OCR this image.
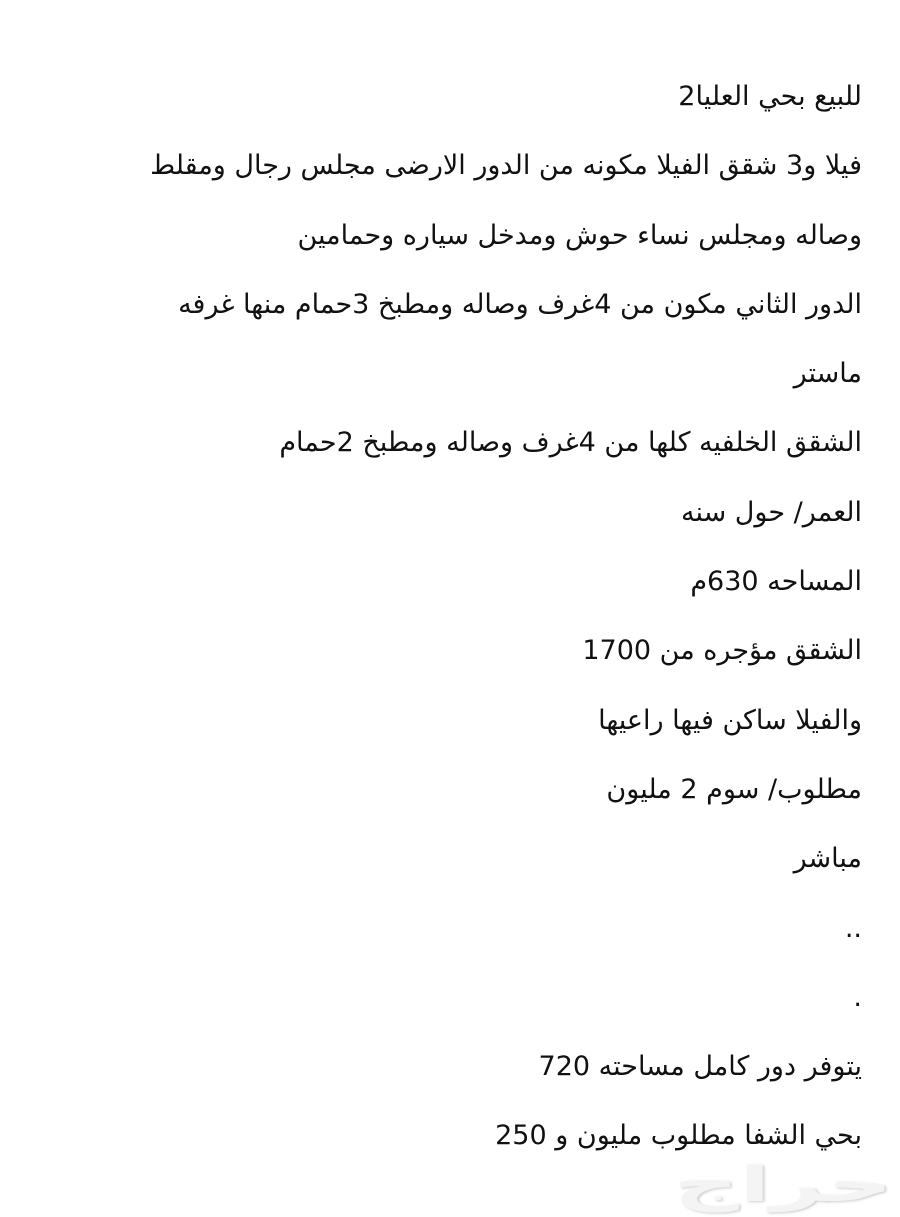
للبيع بحي العليا2
فيلا و3 شقق الفيلا مكونه من الدور الارضى مجلس رجال ومقلط
وصاله ومجلس نساء حوش ومدخل سياره وحمامين
الدور الثاني مكون من 4غرف وصاله ومطبخ 3حمام منها غرفه
ماستر
الشقق الخلفيه كلها من 4غرف وصاله ومطبخ 2حمام
العمر/ حول سنه
المساحه 630م
الشقق مؤجره من 1700
والفيلا ساكن فيها راعيها
مطلوب/ سوم 2 مليون
مباشر
..
.
يتوفر دور كامل مساحته 720
بحي الشفا مطلوب مليون و 250
حراج
